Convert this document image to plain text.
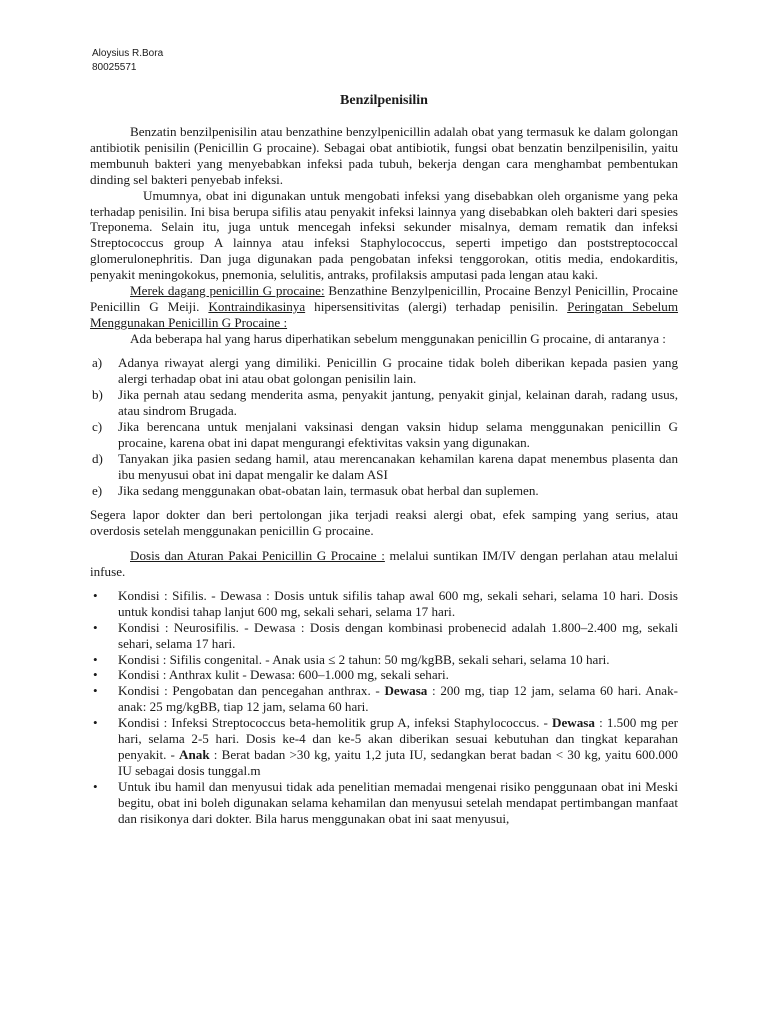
Aloysius R.Bora
80025571
Benzilpenisilin

Benzatin benzilpenisilin atau benzathine benzylpenicillin adalah obat yang termasuk ke dalam golongan antibiotik penisilin (Penicillin G procaine). Sebagai obat antibiotik, fungsi obat benzatin benzilpenisilin, yaitu membunuh bakteri yang menyebabkan infeksi pada tubuh, bekerja dengan cara menghambat pembentukan dinding sel bakteri penyebab infeksi.

Umumnya, obat ini digunakan untuk mengobati infeksi yang disebabkan oleh organisme yang peka terhadap penisilin. Ini bisa berupa sifilis atau penyakit infeksi lainnya yang disebabkan oleh bakteri dari spesies Treponema. Selain itu, juga untuk mencegah infeksi sekunder misalnya, demam rematik dan infeksi Streptococcus group A lainnya atau infeksi Staphylococcus, seperti impetigo dan poststreptococcal glomerulonephritis. Dan juga digunakan pada pengobatan infeksi tenggorokan, otitis media, endokarditis, penyakit meningokokus, pnemonia, selulitis, antraks, profilaksis amputasi pada lengan atau kaki.

Merek dagang penicillin G procaine: Benzathine Benzylpenicillin, Procaine Benzyl Penicillin, Procaine Penicillin G Meiji. Kontraindikasinya hipersensitivitas (alergi) terhadap penisilin. Peringatan Sebelum Menggunakan Penicillin G Procaine :

Ada beberapa hal yang harus diperhatikan sebelum menggunakan penicillin G procaine, di antaranya :

a) Adanya riwayat alergi yang dimiliki. Penicillin G procaine tidak boleh diberikan kepada pasien yang alergi terhadap obat ini atau obat golongan penisilin lain.
b) Jika pernah atau sedang menderita asma, penyakit jantung, penyakit ginjal, kelainan darah, radang usus, atau sindrom Brugada.
c) Jika berencana untuk menjalani vaksinasi dengan vaksin hidup selama menggunakan penicillin G procaine, karena obat ini dapat mengurangi efektivitas vaksin yang digunakan.
d) Tanyakan jika pasien sedang hamil, atau merencanakan kehamilan karena dapat menembus plasenta dan ibu menyusui obat ini dapat mengalir ke dalam ASI
e) Jika sedang menggunakan obat-obatan lain, termasuk obat herbal dan suplemen.

Segera lapor dokter dan beri pertolongan jika terjadi reaksi alergi obat, efek samping yang serius, atau overdosis setelah menggunakan penicillin G procaine.

Dosis dan Aturan Pakai Penicillin G Procaine : melalui suntikan IM/IV dengan perlahan atau melalui infuse.

• Kondisi : Sifilis. - Dewasa : Dosis untuk sifilis tahap awal 600 mg, sekali sehari, selama 10 hari. Dosis untuk kondisi tahap lanjut 600 mg, sekali sehari, selama 17 hari.
• Kondisi : Neurosifilis. - Dewasa : Dosis dengan kombinasi probenecid adalah 1.800–2.400 mg, sekali sehari, selama 17 hari.
• Kondisi : Sifilis congenital. - Anak usia ≤ 2 tahun: 50 mg/kgBB, sekali sehari, selama 10 hari.
• Kondisi : Anthrax kulit - Dewasa: 600–1.000 mg, sekali sehari.
• Kondisi : Pengobatan dan pencegahan anthrax. - Dewasa : 200 mg, tiap 12 jam, selama 60 hari. Anak-anak: 25 mg/kgBB, tiap 12 jam, selama 60 hari.
• Kondisi : Infeksi Streptococcus beta-hemolitik grup A, infeksi Staphylococcus. - Dewasa : 1.500 mg per hari, selama 2-5 hari. Dosis ke-4 dan ke-5 akan diberikan sesuai kebutuhan dan tingkat keparahan penyakit. - Anak : Berat badan >30 kg, yaitu 1,2 juta IU, sedangkan berat badan < 30 kg, yaitu 600.000 IU sebagai dosis tunggal.m
• Untuk ibu hamil dan menyusui tidak ada penelitian memadai mengenai risiko penggunaan obat ini Meski begitu, obat ini boleh digunakan selama kehamilan dan menyusui setelah mendapat pertimbangan manfaat dan risikonya dari dokter. Bila harus menggunakan obat ini saat menyusui,
